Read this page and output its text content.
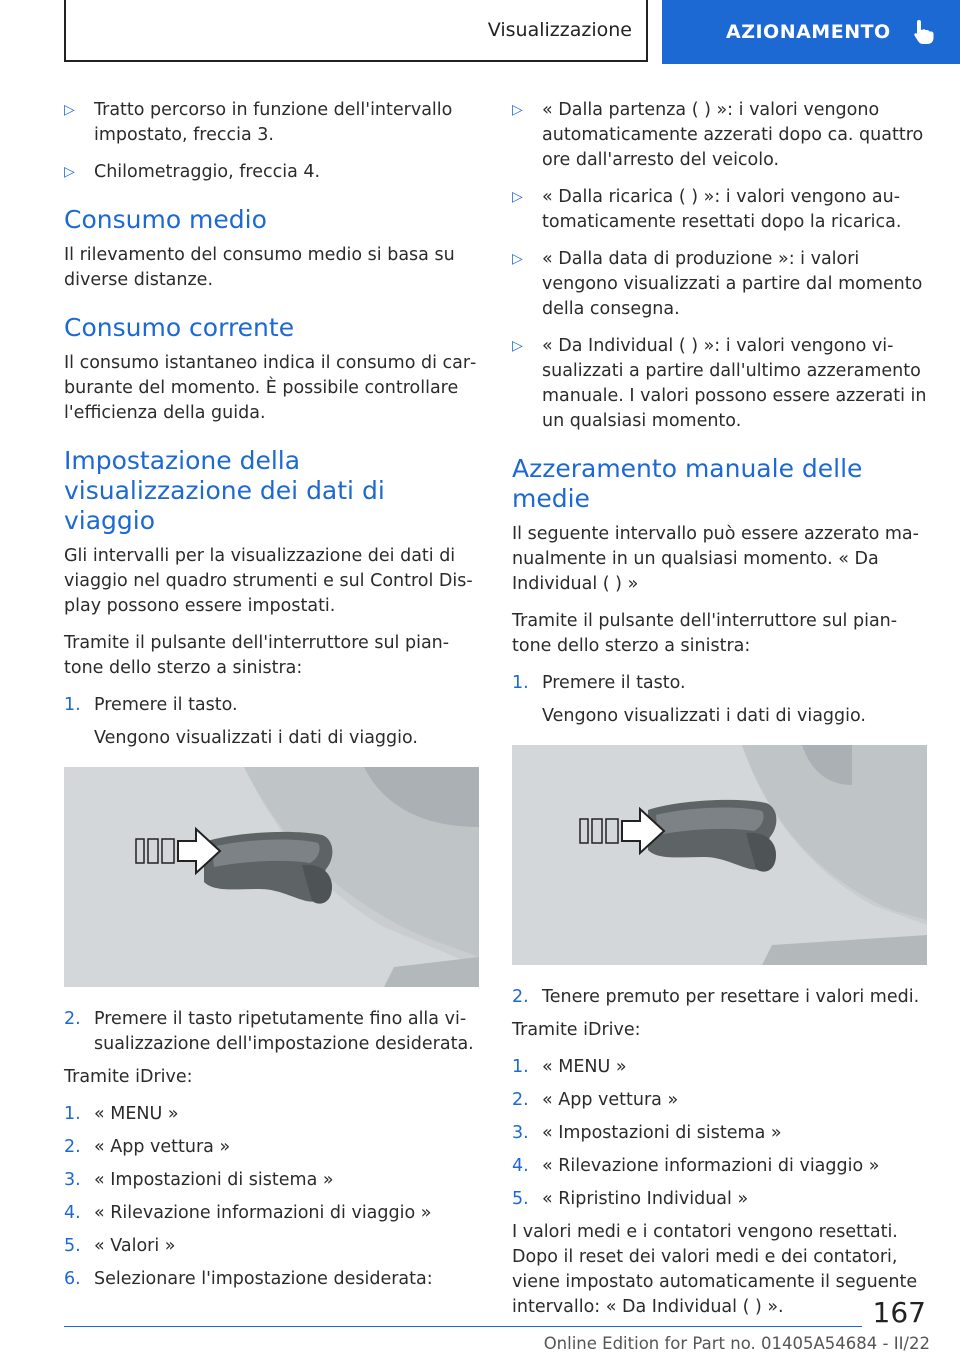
Visualizzazione	AZIONAMENTO
▷ Tratto percorso in funzione dell'intervallo impostato, freccia 3.
▷ Chilometraggio, freccia 4.
Consumo medio

Il rilevamento del consumo medio si basa su diverse distanze.

Consumo corrente

Il consumo istantaneo indica il consumo di carburante del momento. È possibile controllare l'efficienza della guida.

Impostazione della visualizzazione dei dati di viaggio

Gli intervalli per la visualizzazione dei dati di viaggio nel quadro strumenti e sul Control Display possono essere impostati.

Tramite il pulsante dell'interruttore sul piantone dello sterzo a sinistra:

1. Premere il tasto.
Vengono visualizzati i dati di viaggio.
2. Premere il tasto ripetutamente fino alla visualizzazione dell'impostazione desiderata.

Tramite iDrive:

1. « MENU »
2. « App vettura »
3. « Impostazioni di sistema »
4. « Rilevazione informazioni di viaggio »
5. « Valori »
6. Selezionare l'impostazione desiderata:
▷ « Dalla partenza ( ) »: i valori vengono automaticamente azzerati dopo ca. quattro ore dall'arresto del veicolo.
▷ « Dalla ricarica ( ) »: i valori vengono automaticamente resettati dopo la ricarica.
▷ « Dalla data di produzione »: i valori vengono visualizzati a partire dal momento della consegna.
▷ « Da Individual ( ) »: i valori vengono visualizzati a partire dall'ultimo azzeramento manuale. I valori possono essere azzerati in un qualsiasi momento.
Azzeramento manuale delle medie

Il seguente intervallo può essere azzerato manualmente in un qualsiasi momento. « Da Individual ( ) »

Tramite il pulsante dell'interruttore sul piantone dello sterzo a sinistra:

1. Premere il tasto.
Vengono visualizzati i dati di viaggio.
2. Tenere premuto per resettare i valori medi.

Tramite iDrive:

1. « MENU »
2. « App vettura »
3. « Impostazioni di sistema »
4. « Rilevazione informazioni di viaggio »
5. « Ripristino Individual »

I valori medi e i contatori vengono resettati. Dopo il reset dei valori medi e dei contatori, viene impostato automaticamente il seguente intervallo: « Da Individual ( ) ».	167
Online Edition for Part no. 01405A54684 - II/22
